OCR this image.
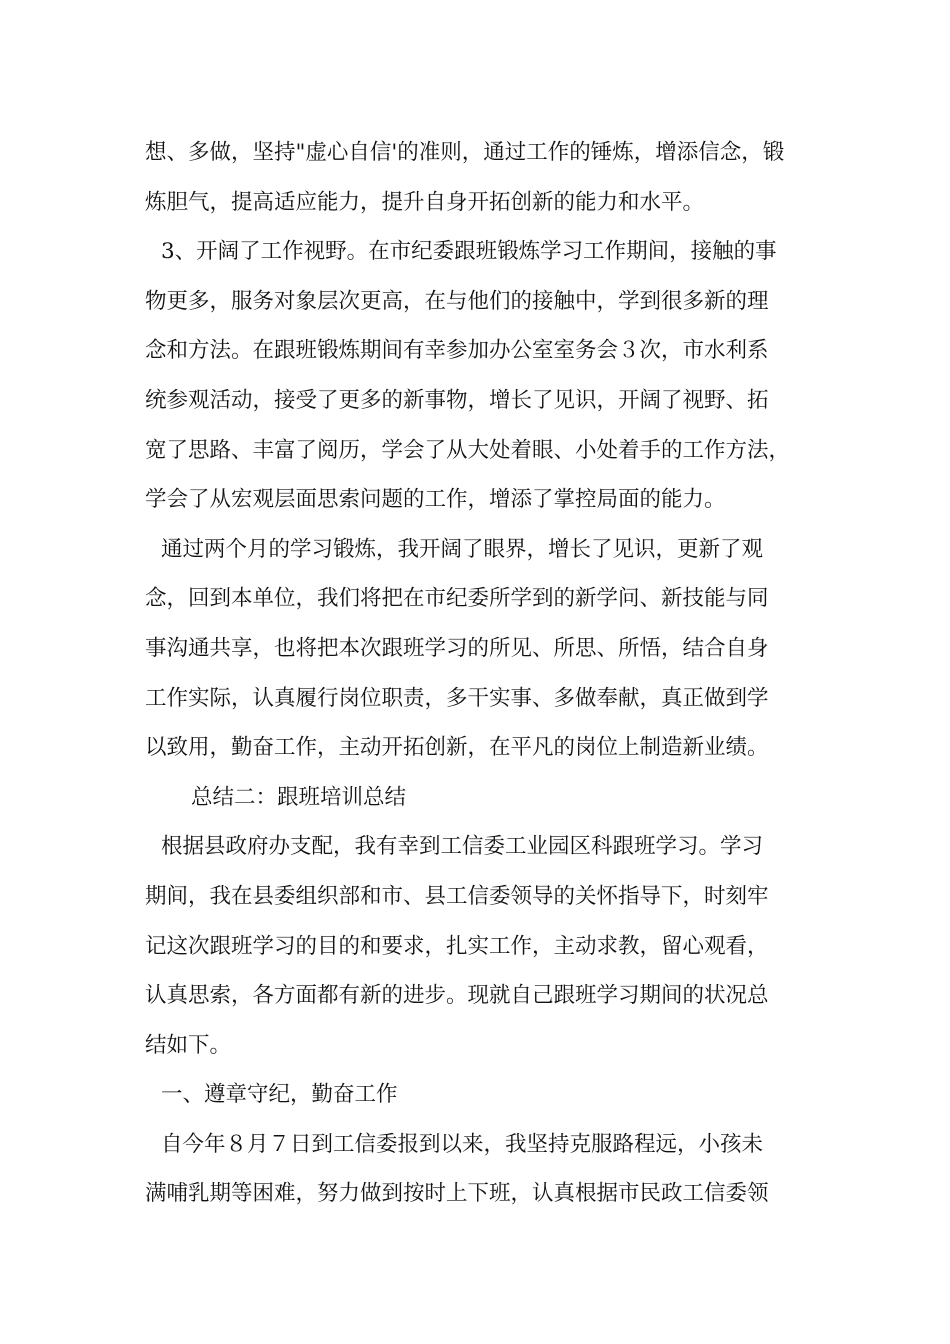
想、多做，坚持"虚心自信'的准则，通过工作的锤炼，增添信念，锻
炼胆气，提高适应能力，提升自身开拓创新的能力和水平。
3、开阔了工作视野。在市纪委跟班锻炼学习工作期间，接触的事
物更多，服务对象层次更高，在与他们的接触中，学到很多新的理
念和方法。在跟班锻炼期间有幸参加办公室室务会３次，市水利系
统参观活动，接受了更多的新事物，增长了见识，开阔了视野、拓
宽了思路、丰富了阅历，学会了从大处着眼、小处着手的工作方法，
学会了从宏观层面思索问题的工作，增添了掌控局面的能力。
通过两个月的学习锻炼，我开阔了眼界，增长了见识，更新了观
念，回到本单位，我们将把在市纪委所学到的新学问、新技能与同
事沟通共享，也将把本次跟班学习的所见、所思、所悟，结合自身
工作实际，认真履行岗位职责，多干实事、多做奉献，真正做到学
以致用，勤奋工作，主动开拓创新，在平凡的岗位上制造新业绩。
总结二：跟班培训总结
根据县政府办支配，我有幸到工信委工业园区科跟班学习。学习
期间，我在县委组织部和市、县工信委领导的关怀指导下，时刻牢
记这次跟班学习的目的和要求，扎实工作，主动求教，留心观看，
认真思索，各方面都有新的进步。现就自己跟班学习期间的状况总
结如下。
一、遵章守纪，勤奋工作
自今年８月７日到工信委报到以来，我坚持克服路程远，小孩未
满哺乳期等困难，努力做到按时上下班，认真根据市民政工信委领
